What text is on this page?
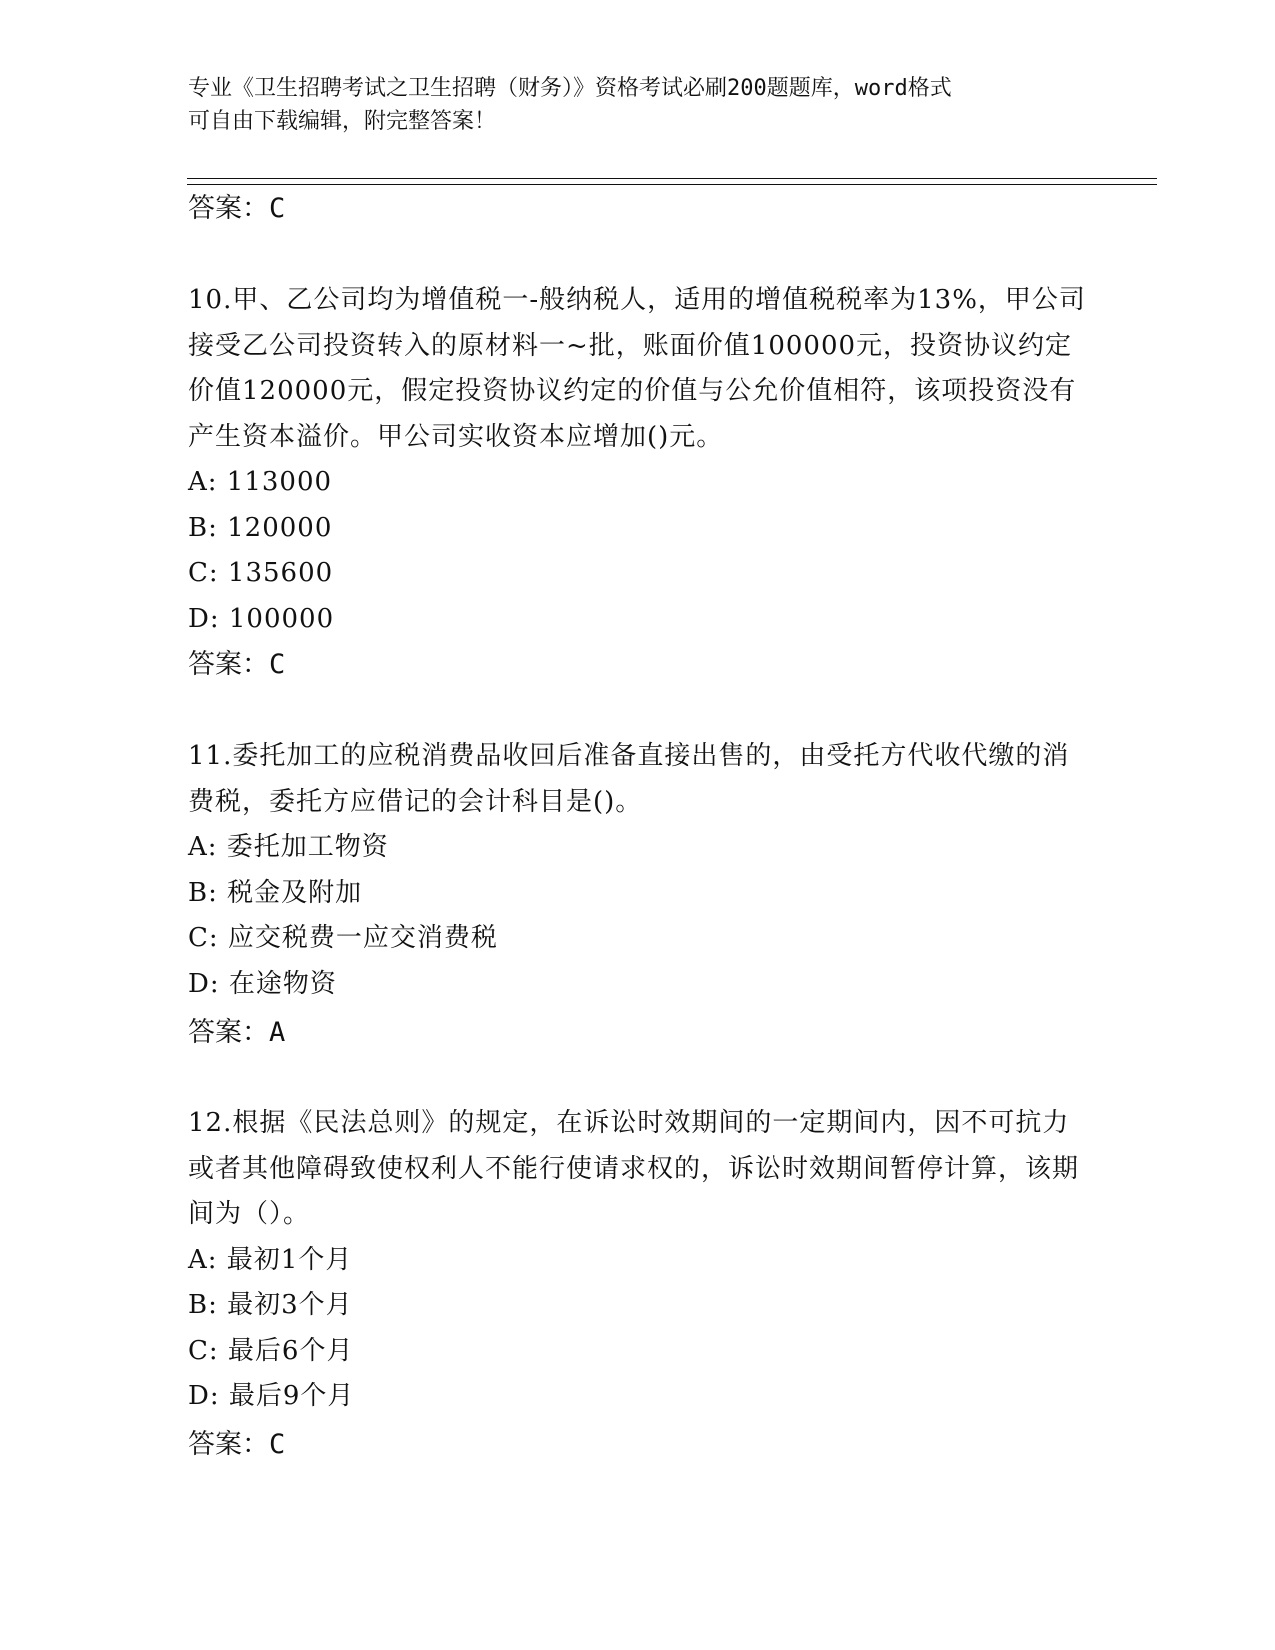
专业《卫生招聘考试之卫生招聘（财务）》资格考试必刷200题题库，word格式
可自由下载编辑，附完整答案！
答案：C
10.甲、乙公司均为增值税一-般纳税人，适用的增值税税率为13%，甲公司接受乙公司投资转入的原材料一~批，账面价值100000元，投资协议约定价值120000元，假定投资协议约定的价值与公允价值相符，该项投资没有产生资本溢价。甲公司实收资本应增加()元。
A: 113000
B: 120000
C: 135600
D: 100000
答案：C
11.委托加工的应税消费品收回后准备直接出售的，由受托方代收代缴的消费税，委托方应借记的会计科目是()。
A: 委托加工物资
B: 税金及附加
C: 应交税费一应交消费税
D: 在途物资
答案：A
12.根据《民法总则》的规定，在诉讼时效期间的一定期间内，因不可抗力或者其他障碍致使权利人不能行使请求权的，诉讼时效期间暂停计算，该期间为（）。
A: 最初1个月
B: 最初3个月
C: 最后6个月
D: 最后9个月
答案：C
